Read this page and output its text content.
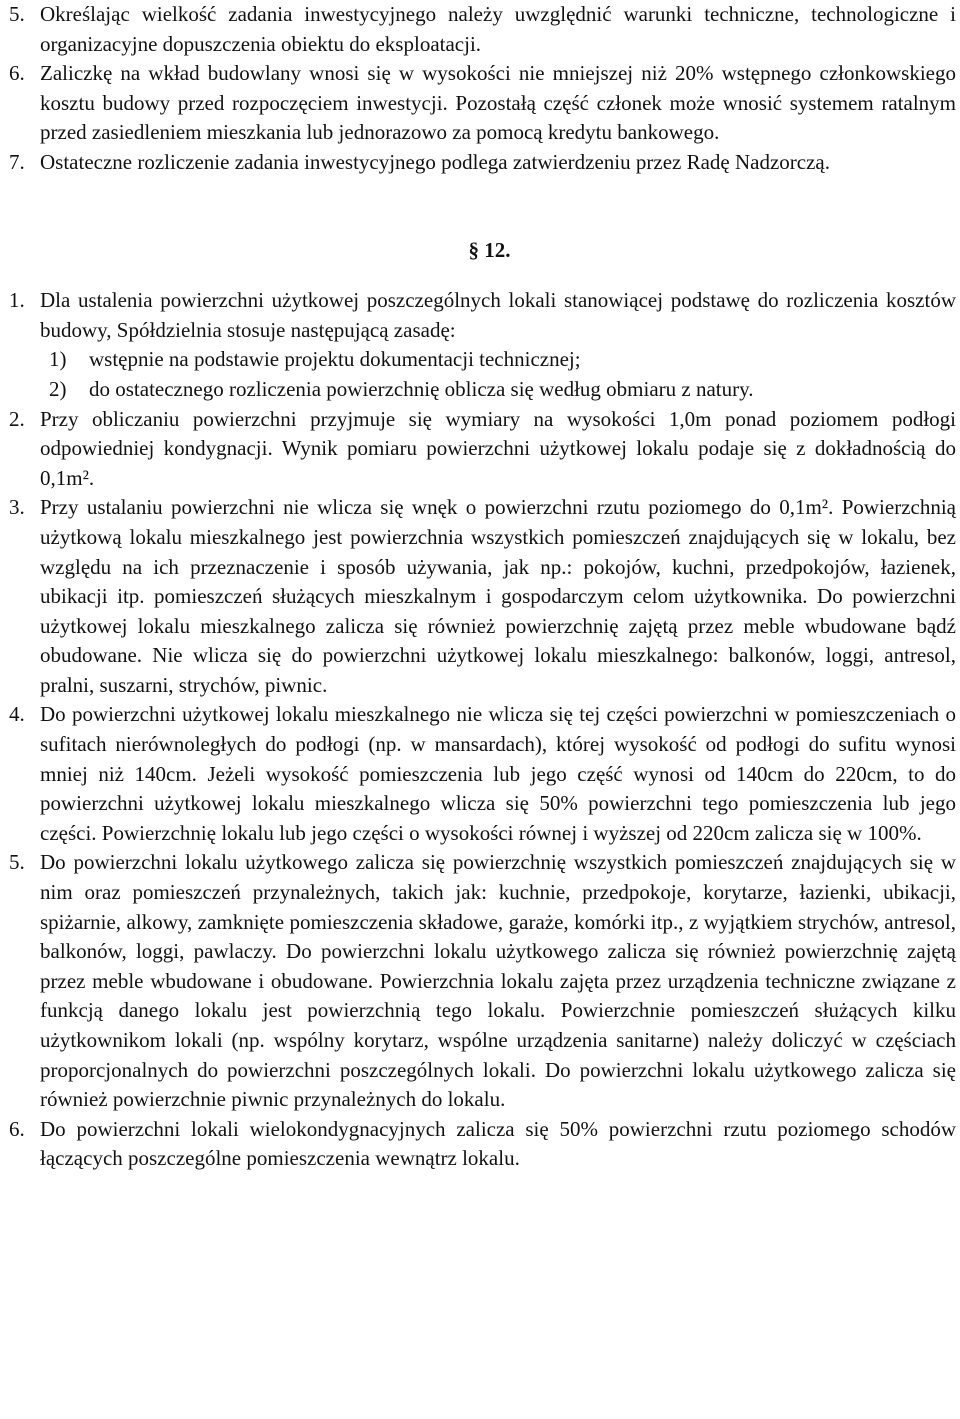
5. Określając wielkość zadania inwestycyjnego należy uwzględnić warunki techniczne, technologiczne i organizacyjne dopuszczenia obiektu do eksploatacji.
6. Zaliczkę na wkład budowlany wnosi się w wysokości nie mniejszej niż 20% wstępnego członkowskiego kosztu budowy przed rozpoczęciem inwestycji. Pozostałą część członek może wnosić systemem ratalnym przed zasiedleniem mieszkania lub jednorazowo za pomocą kredytu bankowego.
7. Ostateczne rozliczenie zadania inwestycyjnego podlega zatwierdzeniu przez Radę Nadzorczą.
§ 12.
1. Dla ustalenia powierzchni użytkowej poszczególnych lokali stanowiącej podstawę do rozliczenia kosztów budowy, Spółdzielnia stosuje następującą zasadę:
1)	wstępnie na podstawie projektu dokumentacji technicznej;
2)	do ostatecznego rozliczenia powierzchnię oblicza się według obmiaru z natury.
2. Przy obliczaniu powierzchni przyjmuje się wymiary na wysokości 1,0m ponad poziomem podłogi odpowiedniej kondygnacji. Wynik pomiaru powierzchni użytkowej lokalu podaje się z dokładnością do 0,1m².
3. Przy ustalaniu powierzchni nie wlicza się wnęk o powierzchni rzutu poziomego do 0,1m². Powierzchnią użytkową lokalu mieszkalnego jest powierzchnia wszystkich pomieszczeń znajdujących się w lokalu, bez względu na ich przeznaczenie i sposób używania, jak np.: pokojów, kuchni, przedpokojów, łazienek, ubikacji itp. pomieszczeń służących mieszkalnym i gospodarczym celom użytkownika. Do powierzchni użytkowej lokalu mieszkalnego zalicza się również powierzchnię zajętą przez meble wbudowane bądź obudowane. Nie wlicza się do powierzchni użytkowej lokalu mieszkalnego: balkonów, loggi, antresol, pralni, suszarni, strychów, piwnic.
4. Do powierzchni użytkowej lokalu mieszkalnego nie wlicza się tej części powierzchni w pomieszczeniach o sufitach nierównoległych do podłogi (np. w mansardach), której wysokość od podłogi do sufitu wynosi mniej niż 140cm. Jeżeli wysokość pomieszczenia lub jego część wynosi od 140cm do 220cm, to do powierzchni użytkowej lokalu mieszkalnego wlicza się 50% powierzchni tego pomieszczenia lub jego części. Powierzchnię lokalu lub jego części o wysokości równej i wyższej od 220cm zalicza się w 100%.
5. Do powierzchni lokalu użytkowego zalicza się powierzchnię wszystkich pomieszczeń znajdujących się w nim oraz pomieszczeń przynależnych, takich jak: kuchnie, przedpokoje, korytarze, łazienki, ubikacji, spiżarnie, alkowy, zamknięte pomieszczenia składowe, garaże, komórki itp., z wyjątkiem strychów, antresol, balkonów, loggi, pawlaczy. Do powierzchni lokalu użytkowego zalicza się również powierzchnię zajętą przez meble wbudowane i obudowane. Powierzchnia lokalu zajęta przez urządzenia techniczne związane z funkcją danego lokalu jest powierzchnią tego lokalu. Powierzchnie pomieszczeń służących kilku użytkownikom lokali (np. wspólny korytarz, wspólne urządzenia sanitarne) należy doliczyć w częściach proporcjonalnych do powierzchni poszczególnych lokali. Do powierzchni lokalu użytkowego zalicza się również powierzchnie piwnic przynależnych do lokalu.
6. Do powierzchni lokali wielokondygnacyjnych zalicza się 50% powierzchni rzutu poziomego schodów łączących poszczególne pomieszczenia wewnątrz lokalu.
